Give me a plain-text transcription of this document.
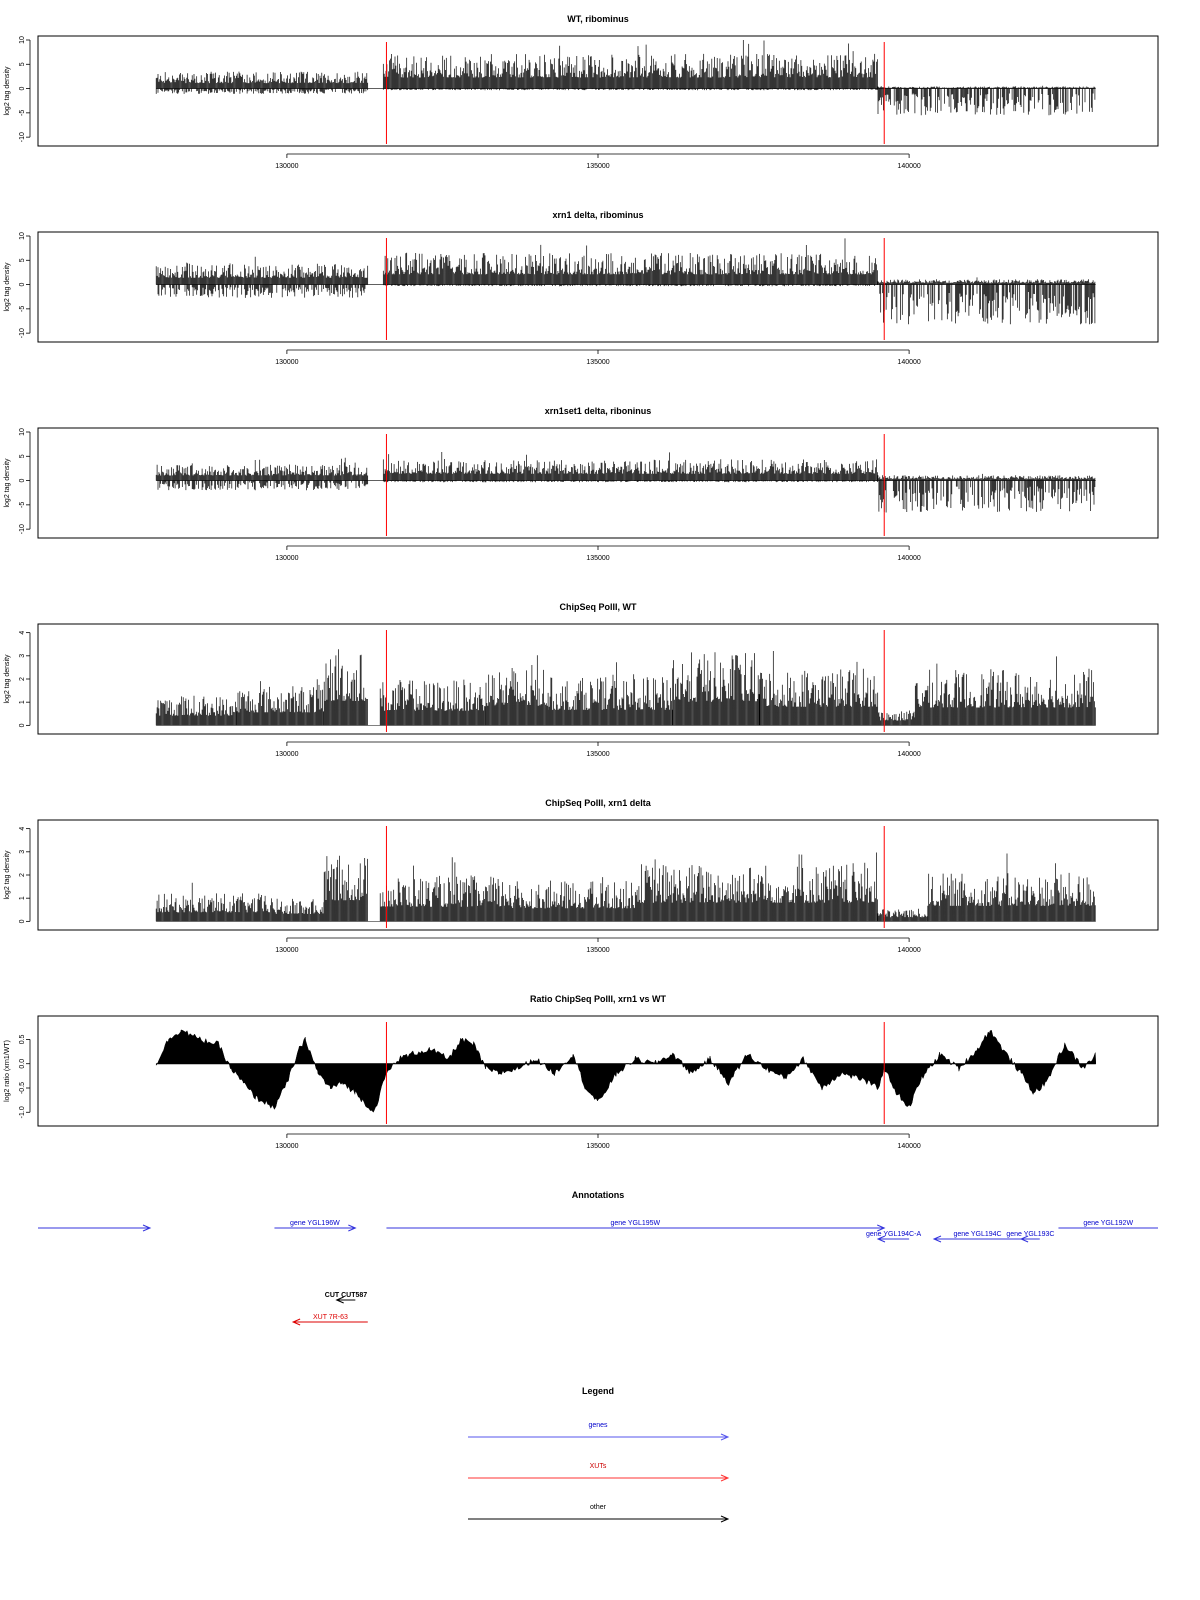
WT, ribominus
-10
-5
0
5
10
log2 tag density
130000	135000	140000
xrn1 delta, ribominus
-10
-5
0
5
10
log2 tag density
130000	135000	140000
xrn1set1 delta, riboninus
-10
-5
0
5
10
log2 tag density
130000	135000	140000
ChipSeq PolII, WT
0
1
2
3
4
log2 tag density
130000	135000	140000
ChipSeq PolII, xrn1 delta
0
1
2
3
4
log2 tag density
130000	135000	140000
Ratio ChipSeq PolII, xrn1 vs WT
-1.0
-0.5
0.0
0.5
log2 ratio (xrn1/WT)
130000	135000	140000
Annotations
gene YGL196W	gene YGL195W
gene YGL194C-A	gene YGL194C gene YGL193C
gene YGL192W
CUT CUT587
XUT 7R-63
Legend
genes
XUTs
other
